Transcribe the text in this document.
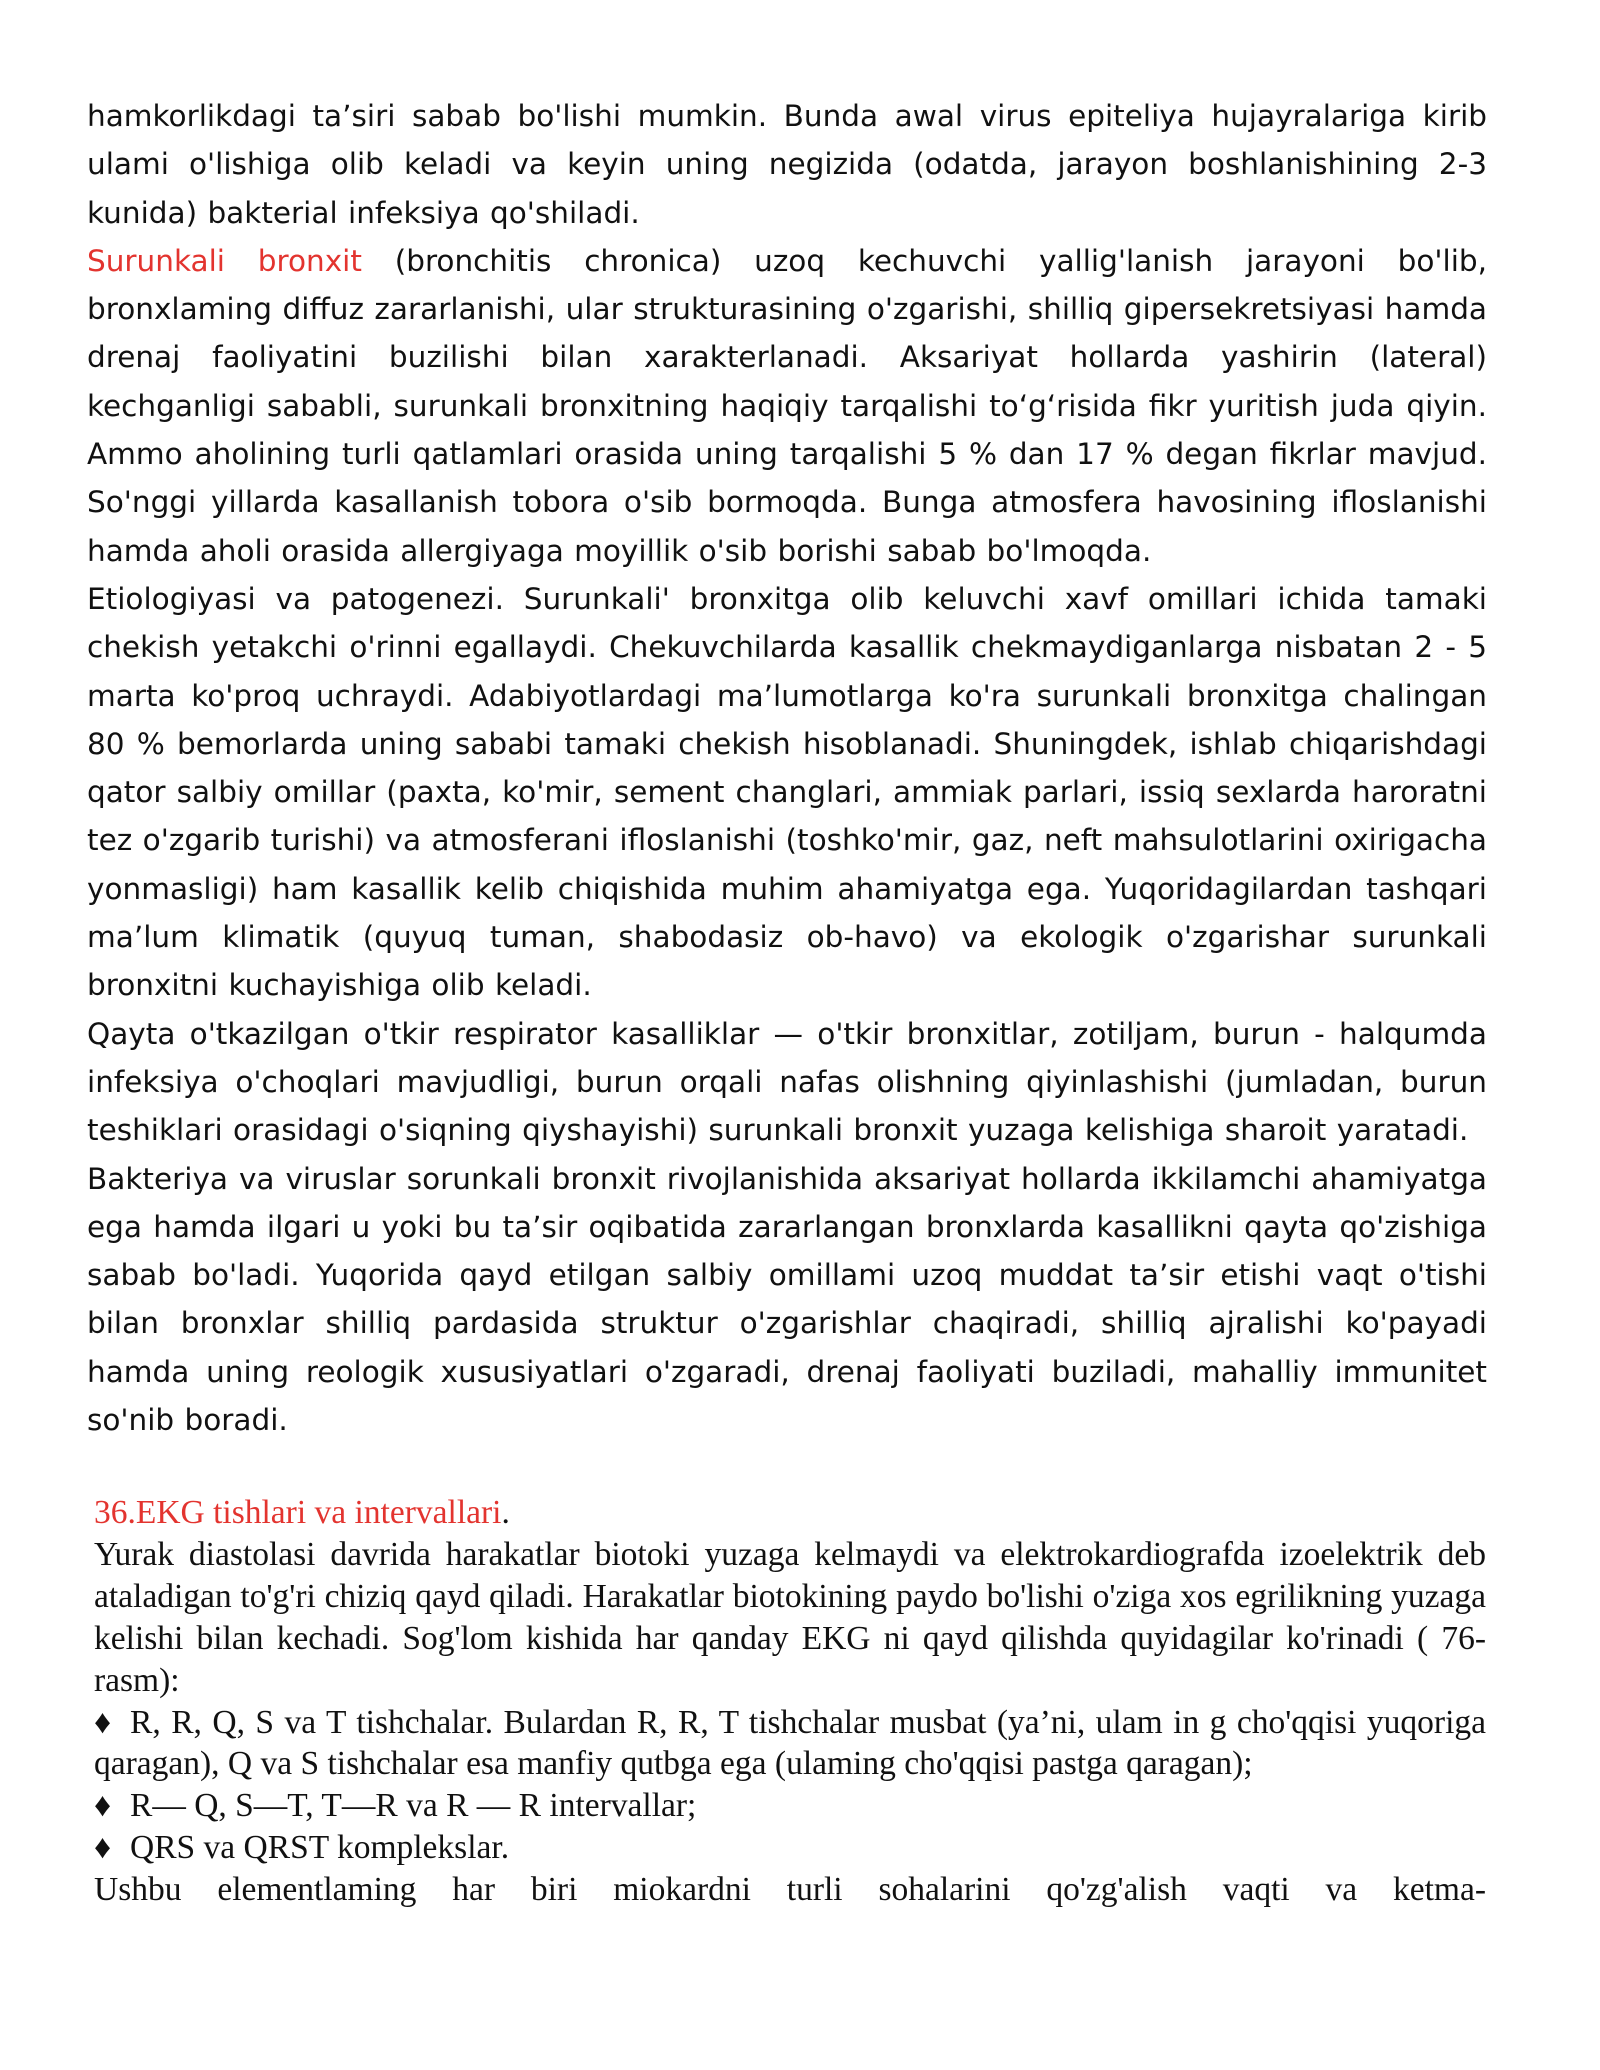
hamkorlikdagi ta’siri sabab bo'lishi mumkin. Bunda awal virus epiteliya hujayralariga kirib ulami o'lishiga olib keladi va keyin uning negizida (odatda, jarayon boshlanishining 2-3 kunida) bakterial infeksiya qo'shiladi.

Surunkali bronxit (bronchitis chronica) uzoq kechuvchi yallig'lanish jarayoni bo'lib, bronxlaming diffuz zararlanishi, ular strukturasining o'zgarishi, shilliq gipersekretsiyasi hamda drenaj faoliyatini buzilishi bilan xarakterlanadi. Aksariyat hollarda yashirin (lateral) kechganligi sababli, surunkali bronxitning haqiqiy tarqalishi to‘g‘risida fikr yuritish juda qiyin. Ammo aholining turli qatlamlari orasida uning tarqalishi 5 % dan 17 % degan fikrlar mavjud. So'nggi yillarda kasallanish tobora o'sib bormoqda. Bunga atmosfera havosining ifloslanishi hamda aholi orasida allergiyaga moyillik o'sib borishi sabab bo'lmoqda.

Etiologiyasi va patogenezi. Surunkali' bronxitga olib keluvchi xavf omillari ichida tamaki chekish yetakchi o'rinni egallaydi. Chekuvchilarda kasallik chekmaydiganlarga nisbatan 2 - 5 marta ko'proq uchraydi. Adabiyotlardagi ma’lumotlarga ko'ra surunkali bronxitga chalingan 80 % bemorlarda uning sababi tamaki chekish hisoblanadi. Shuningdek, ishlab chiqarishdagi qator salbiy omillar (paxta, ko'mir, sement changlari, ammiak parlari, issiq sexlarda haroratni tez o'zgarib turishi) va atmosferani ifloslanishi (toshko'mir, gaz, neft mahsulotlarini oxirigacha yonmasligi) ham kasallik kelib chiqishida muhim ahamiyatga ega. Yuqoridagilardan tashqari ma’lum klimatik (quyuq tuman, shabodasiz ob-havo) va ekologik o'zgarishar surunkali bronxitni kuchayishiga olib keladi.

Qayta o'tkazilgan o'tkir respirator kasalliklar — o'tkir bronxitlar, zotiljam, burun - halqumda infeksiya o'choqlari mavjudligi, burun orqali nafas olishning qiyinlashishi (jumladan, burun teshiklari orasidagi o'siqning qiyshayishi) surunkali bronxit yuzaga kelishiga sharoit yaratadi.

Bakteriya va viruslar sorunkali bronxit rivojlanishida aksariyat hollarda ikkilamchi ahamiyatga ega hamda ilgari u yoki bu ta’sir oqibatida zararlangan bronxlarda kasallikni qayta qo'zishiga sabab bo'ladi. Yuqorida qayd etilgan salbiy omillami uzoq muddat ta’sir etishi vaqt o'tishi bilan bronxlar shilliq pardasida struktur o'zgarishlar chaqiradi, shilliq ajralishi ko'payadi hamda uning reologik xususiyatlari o'zgaradi, drenaj faoliyati buziladi, mahalliy immunitet so'nib boradi.

36.EKG tishlari va intervallari.

Yurak diastolasi davrida harakatlar biotoki yuzaga kelmaydi va elektrokardiografda izoelektrik deb ataladigan to'g'ri chiziq qayd qiladi. Harakatlar biotokining paydo bo'lishi o'ziga xos egrilikning yuzaga kelishi bilan kechadi. Sog'lom kishida har qanday EKG ni qayd qilishda quyidagilar ko'rinadi ( 76-rasm):

♦ R, R, Q, S va T tishchalar. Bulardan R, R, T tishchalar musbat (ya’ni, ulam in g cho'qqisi yuqoriga qaragan), Q va S tishchalar esa manfiy qutbga ega (ulaming cho'qqisi pastga qaragan);

♦ R— Q, S—T, T—R va R — R intervallar;

♦ QRS va QRST komplekslar.

Ushbu elementlaming har biri miokardni turli sohalarini qo'zg'alish vaqti va ketma-
